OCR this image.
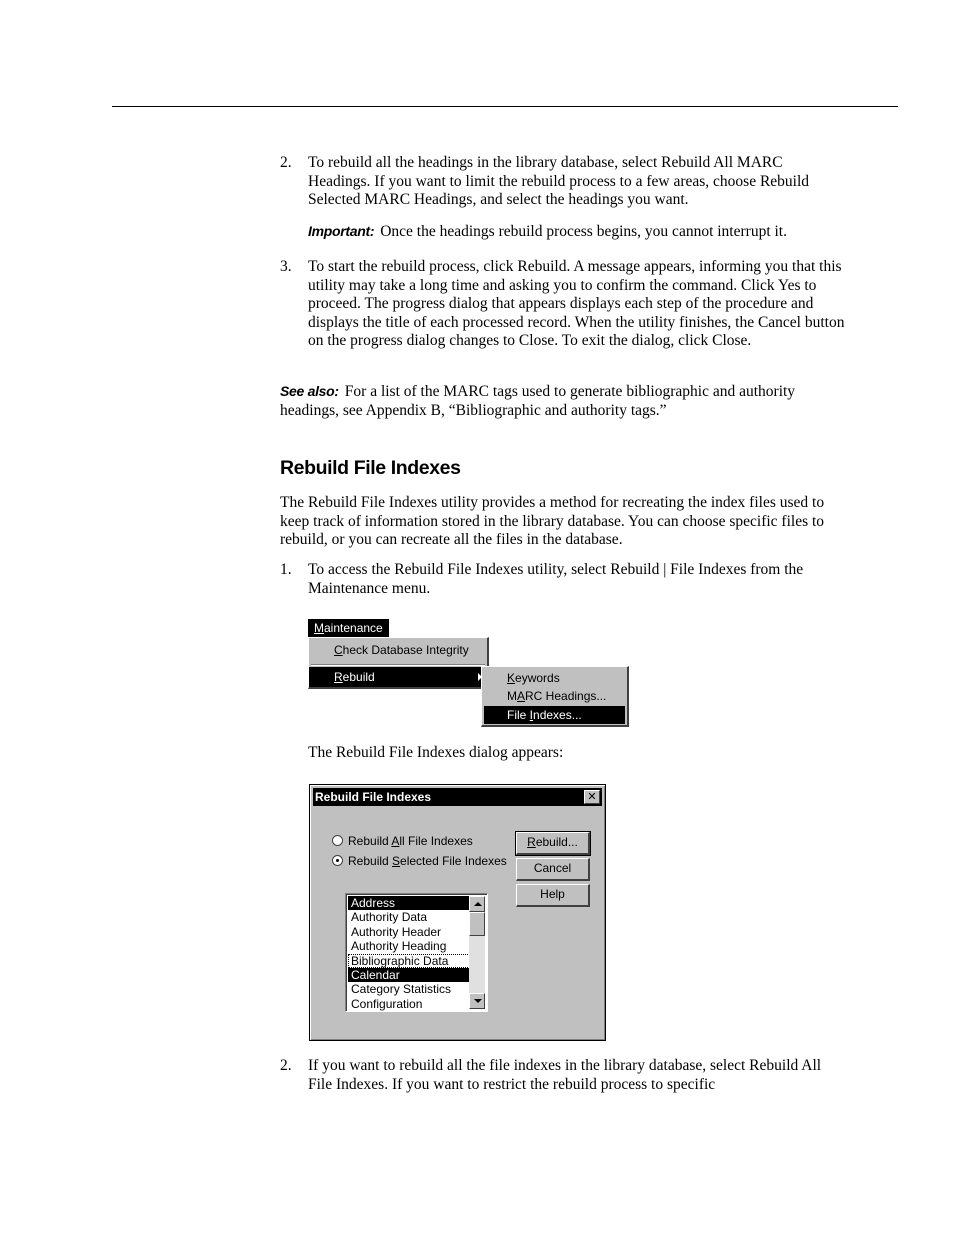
2. To rebuild all the headings in the library database, select Rebuild All MARC Headings. If you want to limit the rebuild process to a few areas, choose Rebuild Selected MARC Headings, and select the headings you want.
Important: Once the headings rebuild process begins, you cannot interrupt it.
3. To start the rebuild process, click Rebuild. A message appears, informing you that this utility may take a long time and asking you to confirm the command. Click Yes to proceed. The progress dialog that appears displays each step of the procedure and displays the title of each processed record. When the utility finishes, the Cancel button on the progress dialog changes to Close. To exit the dialog, click Close.
See also: For a list of the MARC tags used to generate bibliographic and authority headings, see Appendix B, “Bibliographic and authority tags.”
Rebuild File Indexes
The Rebuild File Indexes utility provides a method for recreating the index files used to keep track of information stored in the library database. You can choose specific files to rebuild, or you can recreate all the files in the database.
1. To access the Rebuild File Indexes utility, select Rebuild | File Indexes from the Maintenance menu.
Maintenance
Check Database Integrity
Rebuild	Keywords
MARC Headings...
File Indexes...
The Rebuild File Indexes dialog appears:
Rebuild File Indexes	✕
Rebuild All File Indexes
Rebuild Selected File Indexes
Rebuild...
Cancel
Help
Address
Authority Data
Authority Header
Authority Heading
Bibliographic Data
Calendar
Category Statistics
Configuration
2. If you want to rebuild all the file indexes in the library database, select Rebuild All File Indexes. If you want to restrict the rebuild process to specific
